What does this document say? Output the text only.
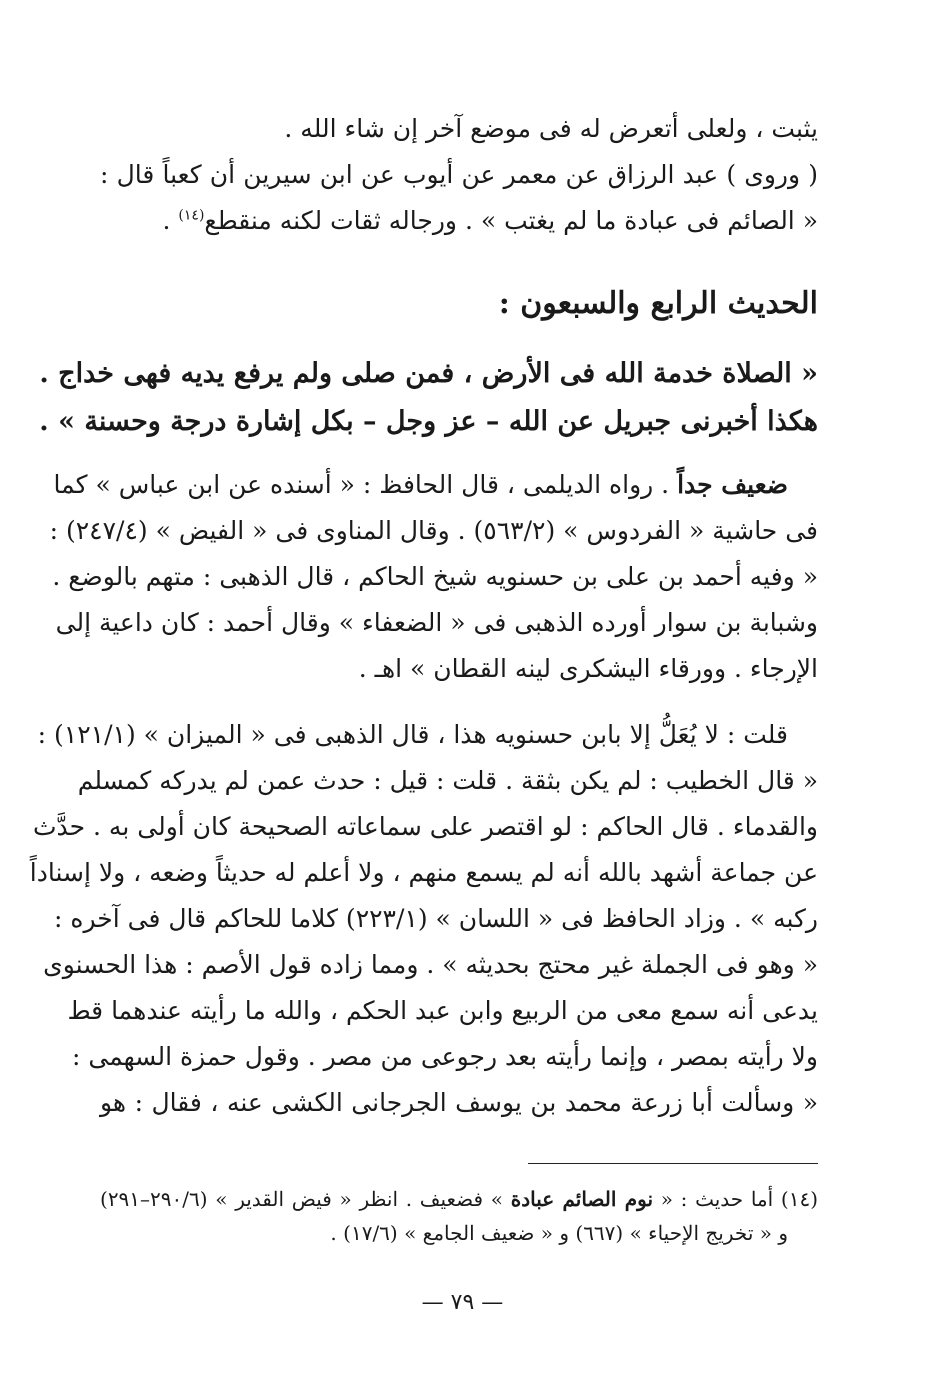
يثبت ، ولعلى أتعرض له فى موضع آخر إن شاء الله .
( وروى ) عبد الرزاق عن معمر عن أيوب عن ابن سيرين أن كعباً قال :
« الصائم فى عبادة ما لم يغتب » . ورجاله ثقات لكنه منقطع$^{(١٤)}$ .
الحديث الرابع والسبعون :
« الصلاة خدمة الله فى الأرض ، فمن صلى ولم يرفع يديه فهى خداج .
هكذا أخبرنى جبريل عن الله – عز وجل – بكل إشارة درجة وحسنة » .
ضعيف جداً . رواه الديلمى ، قال الحافظ : « أسنده عن ابن عباس » كما
فى حاشية « الفردوس » (٥٦٣/٢) . وقال المناوى فى « الفيض » (٢٤٧/٤) :
« وفيه أحمد بن على بن حسنويه شيخ الحاكم ، قال الذهبى : متهم بالوضع .
وشبابة بن سوار أورده الذهبى فى « الضعفاء » وقال أحمد : كان داعية إلى
الإرجاء . وورقاء اليشكرى لينه القطان » اهـ .
قلت : لا يُعَلُّ إلا بابن حسنويه هذا ، قال الذهبى فى « الميزان » (١٢١/١) :
« قال الخطيب : لم يكن بثقة . قلت : قيل : حدث عمن لم يدركه كمسلم
والقدماء . قال الحاكم : لو اقتصر على سماعاته الصحيحة كان أولى به . حدَّث
عن جماعة أشهد بالله أنه لم يسمع منهم ، ولا أعلم له حديثاً وضعه ، ولا إسناداً
ركبه » . وزاد الحافظ فى « اللسان » (٢٢٣/١) كلاما للحاكم قال فى آخره :
« وهو فى الجملة غير محتج بحديثه » . ومما زاده قول الأصم : هذا الحسنوى
يدعى أنه سمع معى من الربيع وابن عبد الحكم ، والله ما رأيته عندهما قط
ولا رأيته بمصر ، وإنما رأيته بعد رجوعى من مصر . وقول حمزة السهمى :
« وسألت أبا زرعة محمد بن يوسف الجرجانى الكشى عنه ، فقال : هو
(١٤) أما حديث : « نوم الصائم عبادة » فضعيف . انظر « فيض القدير » (٢٩٠/٦–٢٩١)
و « تخريج الإحياء » (٦٦٧) و « ضعيف الجامع » (١٧/٦) .
— ٧٩ —
